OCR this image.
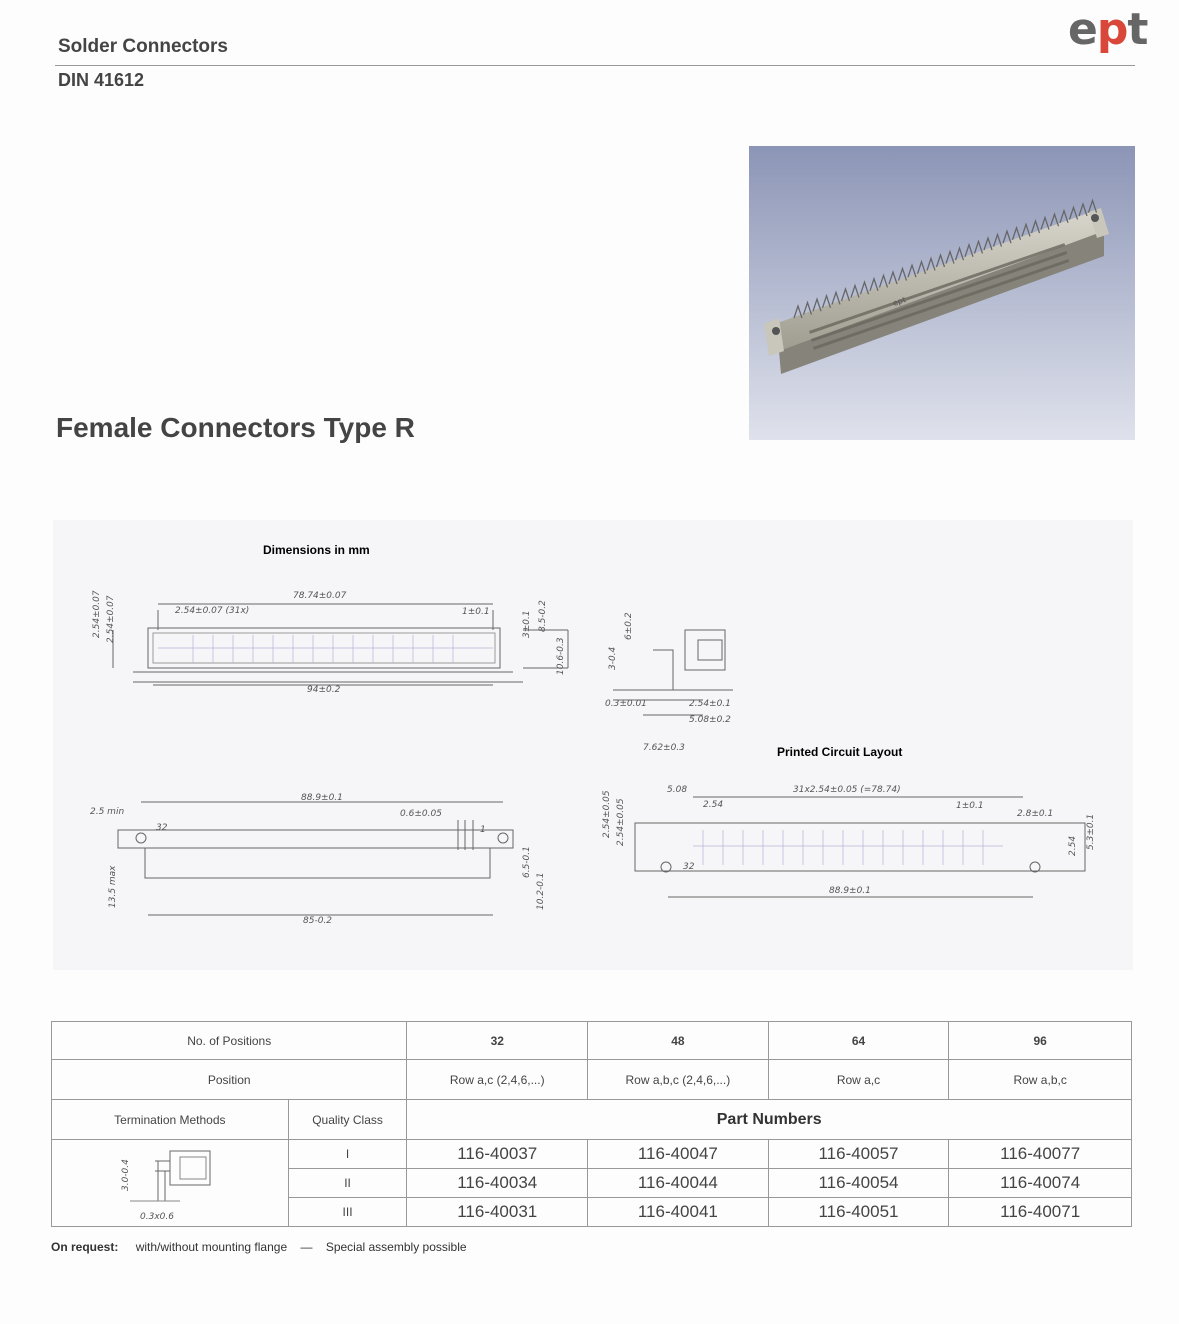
Solder Connectors
DIN 41612
ept
ept
Female Connectors Type R
Dimensions in mm
Printed Circuit Layout
78.74±0.07
2.54±0.07 (31x)	1±0.1	3±0.1 8.5-0.2
10.6-0.3
94±0.2
2.54±0.07 2.54±0.07	6±0.2
3-0.4
0.3±0.01	2.54±0.1
5.08±0.2
7.62±0.3
88.9±0.1
2.5 min	0.6±0.05
32	1
13.5 max
6.5-0.1
10.2-0.1
85-0.2
5.08
2.54
31x2.54±0.05 (=78.74)
1±0.1
2.8±0.1
2.54±0.05 2.54±0.05	2.54 5.3±0.1
88.9±0.1
32
No. of Positions		32	48	64	96
Position		Row a,c (2,4,6,...)	Row a,b,c (2,4,6,...)	Row a,c	Row a,b,c
Termination Methods	Quality Class	Part Numbers			

3.0-0.4
0.3x0.6	I	116-40037	116-40047	116-40057	116-40077
	II	116-40034	116-40044	116-40054	116-40074
	III	116-40031	116-40041	116-40051	116-40071
On request: with/without mounting flange — Special assembly possible
